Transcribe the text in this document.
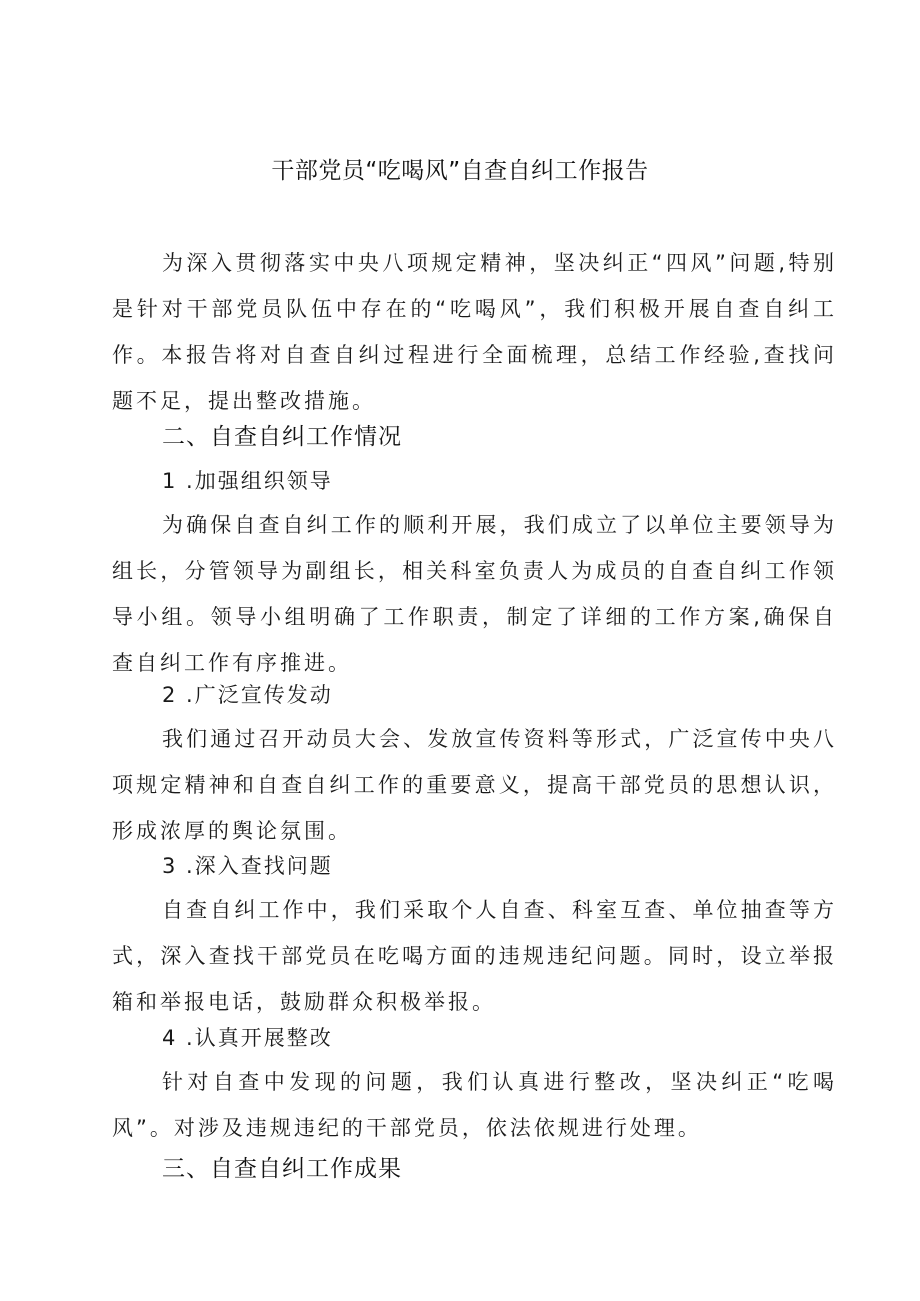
干部党员“吃喝风”自查自纠工作报告

为深入贯彻落实中央八项规定精神，坚决纠正“四风”问题,特别是针对干部党员队伍中存在的“吃喝风”，我们积极开展自查自纠工作。本报告将对自查自纠过程进行全面梳理，总结工作经验,查找问题不足，提出整改措施。

二、自查自纠工作情况
1 .加强组织领导

为确保自查自纠工作的顺利开展，我们成立了以单位主要领导为组长，分管领导为副组长，相关科室负责人为成员的自查自纠工作领导小组。领导小组明确了工作职责，制定了详细的工作方案,确保自查自纠工作有序推进。

2 .广泛宣传发动

我们通过召开动员大会、发放宣传资料等形式，广泛宣传中央八项规定精神和自查自纠工作的重要意义，提高干部党员的思想认识，形成浓厚的舆论氛围。

3 .深入查找问题

自查自纠工作中，我们采取个人自查、科室互查、单位抽查等方式，深入查找干部党员在吃喝方面的违规违纪问题。同时，设立举报箱和举报电话，鼓励群众积极举报。

4 .认真开展整改

针对自查中发现的问题，我们认真进行整改，坚决纠正“吃喝风”。对涉及违规违纪的干部党员，依法依规进行处理。

三、自查自纠工作成果
